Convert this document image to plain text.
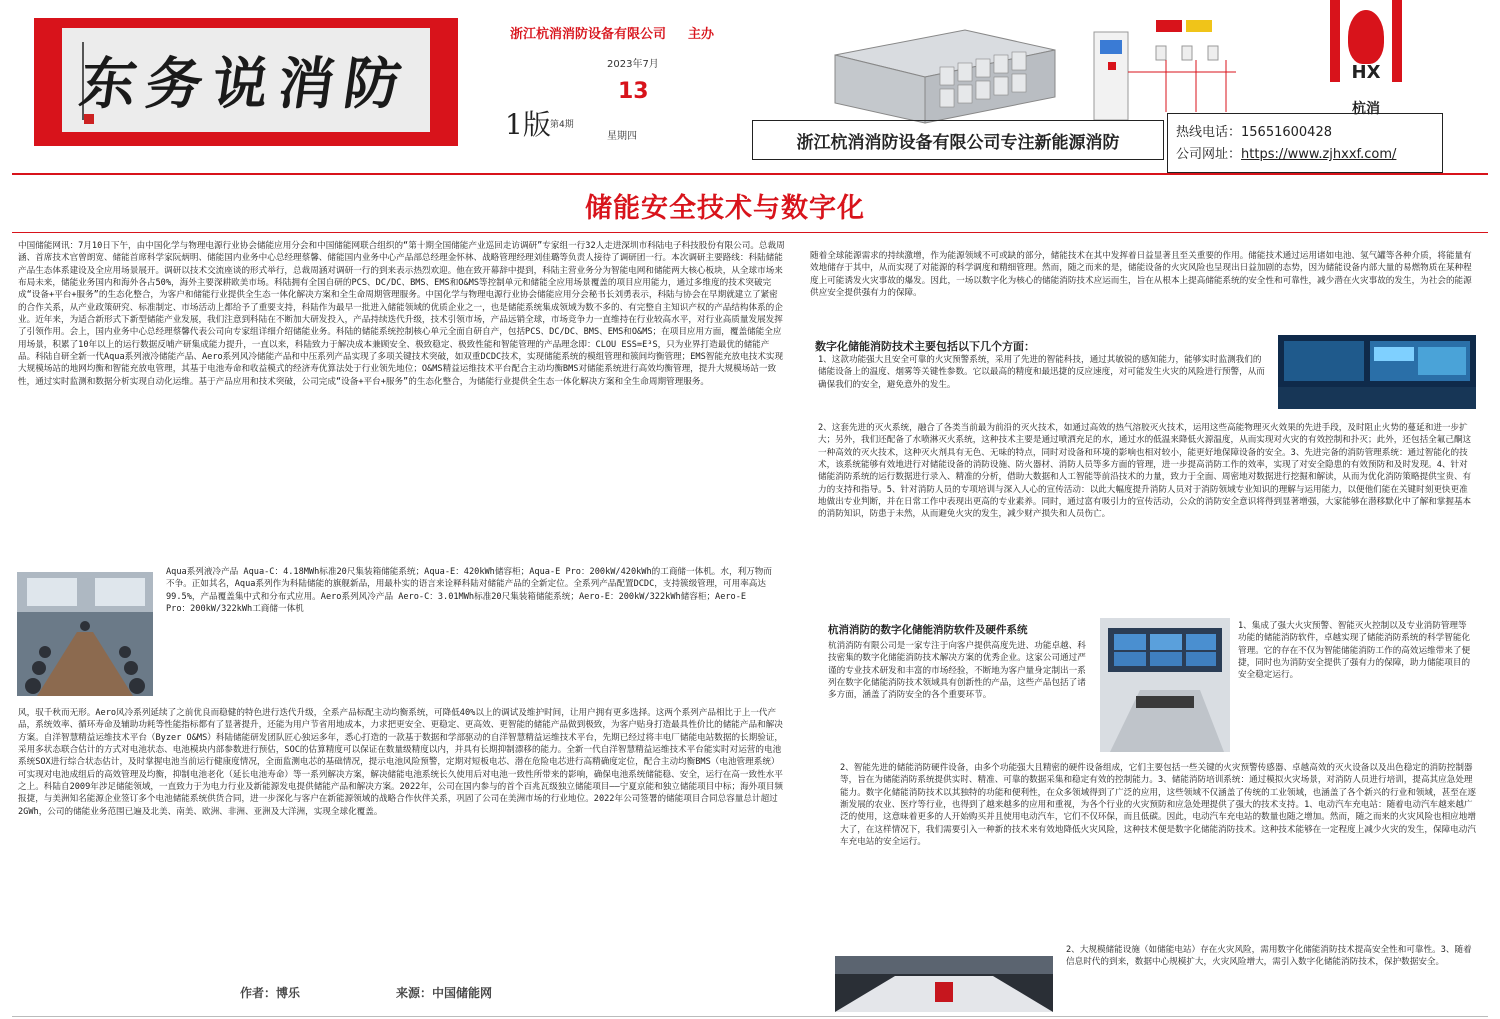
东务说消防
浙江杭消消防设备有限公司 主办
2023年7月
13
1版 第4期
星期四
HX
杭消
浙江杭消消防设备有限公司专注新能源消防	热线电话：15651600428
公司网址：https://www.zjhxxf.com/
储能安全技术与数字化
中国储能网讯：7月10日下午，由中国化学与物理电源行业协会储能应用分会和中国储能网联合组织的“第十期全国储能产业巡回走访调研”专家组一行32人走进深圳市科陆电子科技股份有限公司。总裁周涵、首席技术官曾朗宽、储能首席科学家阮炳明、储能国内业务中心总经理蔡馨、储能国内业务中心产品部总经理金怀林、战略管理经理刘佳璐等负责人接待了调研团一行。本次调研主要路线：科陆储能产品生态体系建设及全应用场景展开。调研以技术交流座谈的形式举行，总裁周涵对调研一行的到来表示热烈欢迎。他在致开幕辞中提到，科陆主营业务分为智能电网和储能两大核心板块，从全球市场来布局未来，储能业务国内和海外各占50%，海外主要深耕欧美市场。科陆拥有全国自研的PCS、DC/DC、BMS、EMS和O&MS等控制单元和储能全应用场景覆盖的项目应用能力，通过多维度的技术突破完成“设备+平台+服务”的生态化整合，为客户和储能行业提供全生态一体化解决方案和全生命周期管理服务。中国化学与物理电源行业协会储能应用分会秘书长刘勇表示，科陆与协会在早期就建立了紧密的合作关系，从产业政策研究、标准制定、市场活动上都给予了重要支持，科陆作为最早一批进入储能领域的优质企业之一，也是储能系统集成领域为数不多的、有完整自主知识产权的产品结构体系的企业。近年来，为适合新形式下新型储能产业发展，我们注意到科陆在不断加大研发投入，产品持续迭代升级，技术引领市场，产品远销全球，市场竞争力一直维持在行业较高水平，对行业高质量发展发挥了引领作用。会上，国内业务中心总经理蔡馨代表公司向专家组详细介绍储能业务。科陆的储能系统控制核心单元全面自研自产，包括PCS、DC/DC、BMS、EMS和O&MS；在项目应用方面，覆盖储能全应用场景，积累了10年以上的运行数据反哺产研集成能力提升，一直以来，科陆致力于解决成本兼顾安全、极致稳定、极致性能和智能管理的产品理念即：CLOU ESS=E³S，只为业界打造最优的储能产品。科陆自研全新一代Aqua系列液冷储能产品、Aero系列风冷储能产品和中压系列产品实现了多项关键技术突破，如双重DCDC技术，实现储能系统的模组管理和簇间均衡管理；EMS智能充放电技术实现大规模场站的地网均衡和智能充放电管理，其基于电池寿命和收益模式的经济寿优算法处于行业领先地位；O&MS精益运维技术平台配合主动均衡BMS对储能系统进行高效均衡管理，提升大规模场站一致性，通过实时监测和数据分析实现自动化运维。基于产品应用和技术突破，公司完成“设备+平台+服务”的生态化整合，为储能行业提供全生态一体化解决方案和全生命周期管理服务。
Aqua系列液冷产品 Aqua-C：4.18MWh标准20尺集装箱储能系统；Aqua-E：420kWh储容柜；Aqua-E Pro：200kW/420kWh的工商储一体机。水，利万物而不争。正如其名，Aqua系列作为科陆储能的旗舰新品，用最朴实的语言来诠释科陆对储能产品的全新定位。全系列产品配置DCDC，支持簇级管理，可用率高达99.5%，产品覆盖集中式和分布式应用。Aero系列风冷产品 Aero-C：3.01MWh标准20尺集装箱储能系统；Aero-E：200kW/322kWh储容柜；Aero-E Pro：200kW/322kWh工商储一体机
风，驭千秋而无形。Aero风冷系列延续了之前优良而稳健的特色进行迭代升级，全系产品标配主动均衡系统，可降低40%以上的调试及维护时间，让用户拥有更多选择。这两个系列产品相比于上一代产品，系统效率、循环寿命及辅助功耗等性能指标都有了显著提升，还能为用户节省用地成本，力求把更安全、更稳定、更高效、更智能的储能产品做到极致，为客户贴身打造最具性价比的储能产品和解决方案。自洋智慧精益运维技术平台（Byzer O&MS）科陆储能研发团队匠心独运多年，悉心打造的一款基于数据和学部驱动的自洋智慧精益运维技术平台，先期已经过将丰电厂储能电站数据的长期验证，采用多状态联合估计的方式对电池状态、电池模块内部参数进行预估，SOC的估算精度可以保证在数量级精度以内，并具有长期抑制漂移的能力。全新一代自洋智慧精益运维技术平台能实时对运营的电池系统SOX进行综合状态估计，及时掌握电池当前运行健康度情况，全面监测电芯的基础情况，提示电池风险预警，定期对短板电芯、潜在危险电芯进行高精确度定位，配合主动均衡BMS（电池管理系统）可实现对电池成组后的高效管理及均衡，抑制电池老化（延长电池寿命）等一系列解决方案，解决储能电池系统长久使用后对电池一致性所带来的影响，确保电池系统储能稳、安全，运行在高一致性水平之上。科陆自2009年涉足储能领域，一直致力于为电力行业及新能源发电提供储能产品和解决方案。2022年，公司在国内参与的首个百兆瓦级独立储能项目——宁夏京能和独立储能项目中标；海外项目频报捷，与美洲知名能源企业签订多个电池储能系统供货合同，进一步深化与客户在新能源领域的战略合作伙伴关系，巩固了公司在美洲市场的行业地位。2022年公司签署的储能项目合同总容量总计超过2GWh，公司的储能业务范围已遍及北美、南美、欧洲、非洲、亚洲及大洋洲，实现全球化覆盖。
作者：博乐	来源：中国储能网
随着全球能源需求的持续激增，作为能源领域不可或缺的部分，储能技术在其中发挥着日益显著且至关重要的作用。储能技术通过运用诸如电池、氢气罐等各种介质，将能量有效地储存于其中，从而实现了对能源的科学调度和精细管理。然而，随之而来的是，储能设备的火灾风险也呈现出日益加剧的态势，因为储能设备内部大量的易燃物质在某种程度上可能诱发火灾事故的爆发。因此，一场以数字化为核心的储能消防技术应运而生，旨在从根本上提高储能系统的安全性和可靠性，减少潜在火灾事故的发生，为社会的能源供应安全提供强有力的保障。
数字化储能消防技术主要包括以下几个方面：
1、这款功能强大且安全可靠的火灾预警系统，采用了先进的智能科技，通过其敏锐的感知能力，能够实时监测我们的储能设备上的温度、烟雾等关键性参数。它以最高的精度和最迅捷的反应速度，对可能发生火灾的风险进行预警，从而确保我们的安全，避免意外的发生。
2、这套先进的灭火系统，融合了各类当前最为前沿的灭火技术，如通过高效的热气溶胶灭火技术，运用这些高能物理灭火效果的先进手段，及时阻止火势的蔓延和进一步扩大；另外，我们还配备了水喷淋灭火系统，这种技术主要是通过喷洒充足的水，通过水的低温来降低火源温度，从而实现对火灾的有效控制和扑灭；此外，还包括全氟己酮这一种高效的灭火技术，这种灭火剂具有无色、无味的特点，同时对设备和环境的影响也相对较小，能更好地保障设备的安全。3、先进完备的消防管理系统：通过智能化的技术，该系统能够有效地进行对储能设备的消防设施、防火器材、消防人员等多方面的管理，进一步提高消防工作的效率，实现了对安全隐患的有效预防和及时发现。4、针对储能消防系统的运行数据进行录入、精准的分析，借助大数据和人工智能等前沿技术的力量，致力于全面、周密地对数据进行挖掘和解读，从而为优化消防策略提供宝贵、有力的支持和指导。5、针对消防人员的专项培训与深入人心的宣传活动：以此大幅度提升消防人员对于消防领域专业知识的理解与运用能力，以便他们能在关键时刻更快更准地做出专业判断，并在日常工作中表现出更高的专业素养。同时，通过富有吸引力的宣传活动，公众的消防安全意识将得到显著增强，大家能够在潜移默化中了解和掌握基本的消防知识，防患于未然，从而避免火灾的发生，减少财产损失和人员伤亡。
杭消消防的数字化储能消防软件及硬件系统
杭消消防有限公司是一家专注于向客户提供高度先进、功能卓越、科技密集的数字化储能消防技术解决方案的优秀企业。这家公司通过严谨的专业技术研发和丰富的市场经验，不断地为客户量身定制出一系列在数字化储能消防技术领域具有创新性的产品，这些产品包括了诸多方面，涵盖了消防安全的各个重要环节。
1、集成了强大火灾预警、智能灭火控制以及专业消防管理等功能的储能消防软件，卓越实现了储能消防系统的科学智能化管理。它的存在不仅为智能储能消防工作的高效运维带来了便捷，同时也为消防安全提供了强有力的保障，助力储能项目的安全稳定运行。
2、智能先进的储能消防硬件设备，由多个功能强大且精密的硬件设备组成，它们主要包括一些关键的火灾预警传感器、卓越高效的灭火设备以及出色稳定的消防控制器等，旨在为储能消防系统提供实时、精准、可靠的数据采集和稳定有效的控制能力。3、储能消防培训系统：通过模拟火灾场景，对消防人员进行培训，提高其应急处理能力。数字化储能消防技术以其独特的功能和便利性，在众多领域得到了广泛的应用，这些领域不仅涵盖了传统的工业领域，也涵盖了各个新兴的行业和领域，甚至在逐渐发展的农业、医疗等行业，也得到了越来越多的应用和重视，为各个行业的火灾预防和应急处理提供了强大的技术支持。1、电动汽车充电站：随着电动汽车越来越广泛的使用，这意味着更多的人开始购买并且使用电动汽车，它们不仅环保，而且低碳。因此，电动汽车充电站的数量也随之增加。然而，随之而来的火灾风险也相应地增大了，在这样情况下，我们需要引入一种新的技术来有效地降低火灾风险，这种技术便是数字化储能消防技术。这种技术能够在一定程度上减少火灾的发生，保障电动汽车充电站的安全运行。
2、大规模储能设施（如储能电站）存在火灾风险，需用数字化储能消防技术提高安全性和可靠性。3、随着信息时代的到来，数据中心规模扩大，火灾风险增大，需引入数字化储能消防技术，保护数据安全。
